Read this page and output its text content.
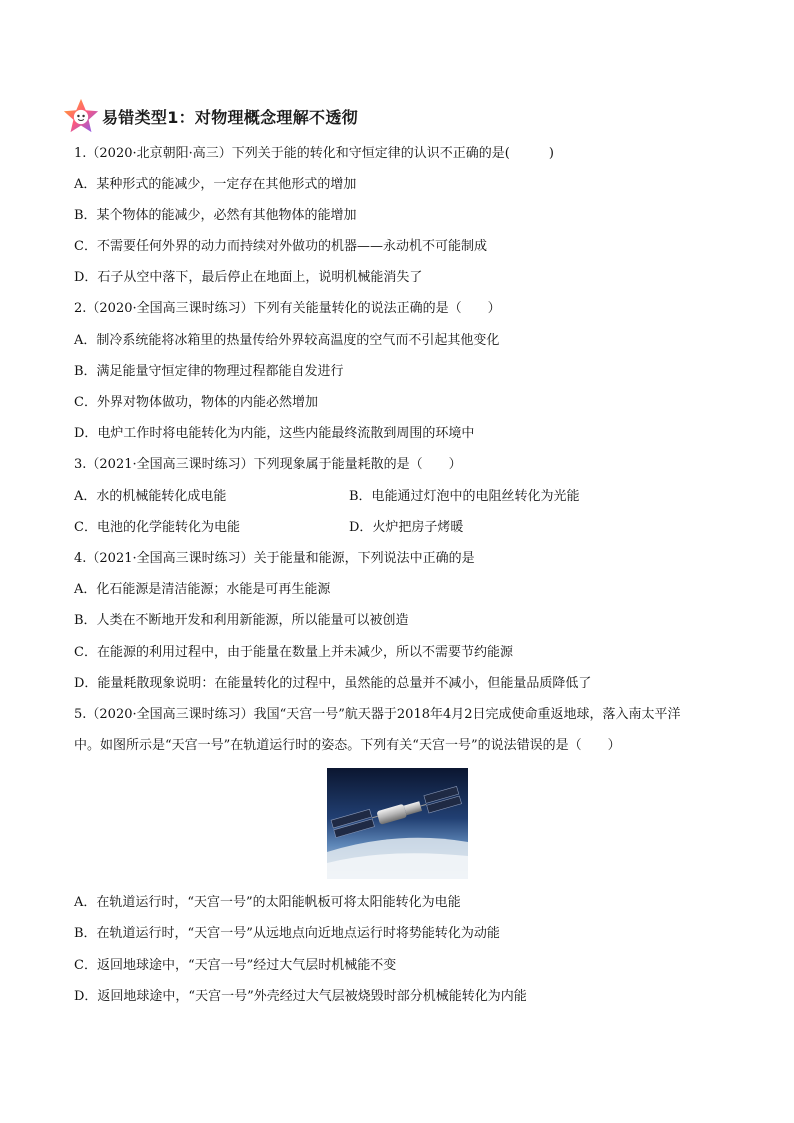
易错类型1：对物理概念理解不透彻
1.（2020·北京朝阳·高三）下列关于能的转化和守恒定律的认识不正确的是(　　　)
A．某种形式的能减少，一定存在其他形式的增加
B．某个物体的能减少，必然有其他物体的能增加
C．不需要任何外界的动力而持续对外做功的机器——永动机不可能制成
D．石子从空中落下，最后停止在地面上，说明机械能消失了
2.（2020·全国高三课时练习）下列有关能量转化的说法正确的是（　　）
A．制冷系统能将冰箱里的热量传给外界较高温度的空气而不引起其他变化
B．满足能量守恒定律的物理过程都能自发进行
C．外界对物体做功，物体的内能必然增加
D．电炉工作时将电能转化为内能，这些内能最终流散到周围的环境中
3.（2021·全国高三课时练习）下列现象属于能量耗散的是（　　）
A．水的机械能转化成电能	B．电能通过灯泡中的电阻丝转化为光能
C．电池的化学能转化为电能	D．火炉把房子烤暖
4.（2021·全国高三课时练习）关于能量和能源，下列说法中正确的是
A．化石能源是清洁能源；水能是可再生能源
B．人类在不断地开发和利用新能源，所以能量可以被创造
C．在能源的利用过程中，由于能量在数量上并未减少，所以不需要节约能源
D．能量耗散现象说明：在能量转化的过程中，虽然能的总量并不减小，但能量品质降低了
5.（2020·全国高三课时练习）我国“天宫一号”航天器于2018年4月2日完成使命重返地球，落入南太平洋
中。如图所示是“天宫一号”在轨道运行时的姿态。下列有关“天宫一号”的说法错误的是（　　）
A．在轨道运行时，“天宫一号”的太阳能帆板可将太阳能转化为电能
B．在轨道运行时，“天宫一号”从远地点向近地点运行时将势能转化为动能
C．返回地球途中，“天宫一号”经过大气层时机械能不变
D．返回地球途中，“天宫一号”外壳经过大气层被烧毁时部分机械能转化为内能
